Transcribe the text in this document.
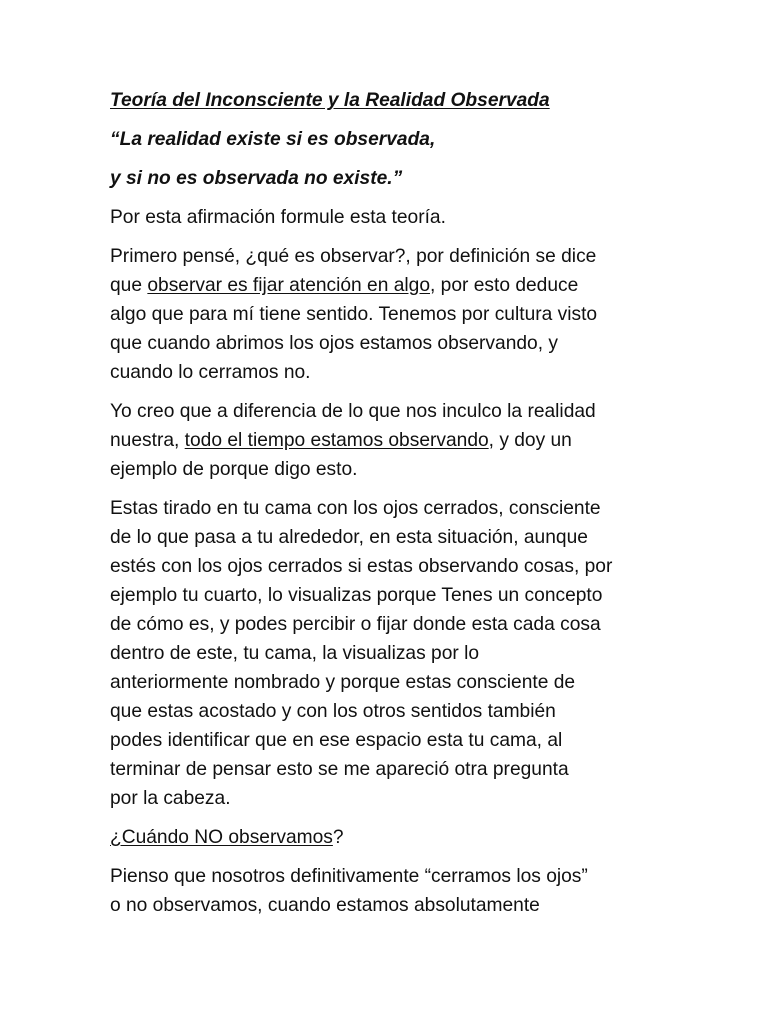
Teoría del Inconsciente y la Realidad Observada

“La realidad existe si es observada,

y si no es observada no existe.”

Por esta afirmación formule esta teoría.

Primero pensé, ¿qué es observar?, por definición se dice
que observar es fijar atención en algo, por esto deduce
algo que para mí tiene sentido. Tenemos por cultura visto
que cuando abrimos los ojos estamos observando, y
cuando lo cerramos no.

Yo creo que a diferencia de lo que nos inculco la realidad
nuestra, todo el tiempo estamos observando, y doy un
ejemplo de porque digo esto.

Estas tirado en tu cama con los ojos cerrados, consciente
de lo que pasa a tu alrededor, en esta situación, aunque
estés con los ojos cerrados si estas observando cosas, por
ejemplo tu cuarto, lo visualizas porque Tenes un concepto
de cómo es, y podes percibir o fijar donde esta cada cosa
dentro de este, tu cama, la visualizas por lo
anteriormente nombrado y porque estas consciente de
que estas acostado y con los otros sentidos también
podes identificar que en ese espacio esta tu cama, al
terminar de pensar esto se me apareció otra pregunta
por la cabeza.

¿Cuándo NO observamos?

Pienso que nosotros definitivamente “cerramos los ojos”
o no observamos, cuando estamos absolutamente
